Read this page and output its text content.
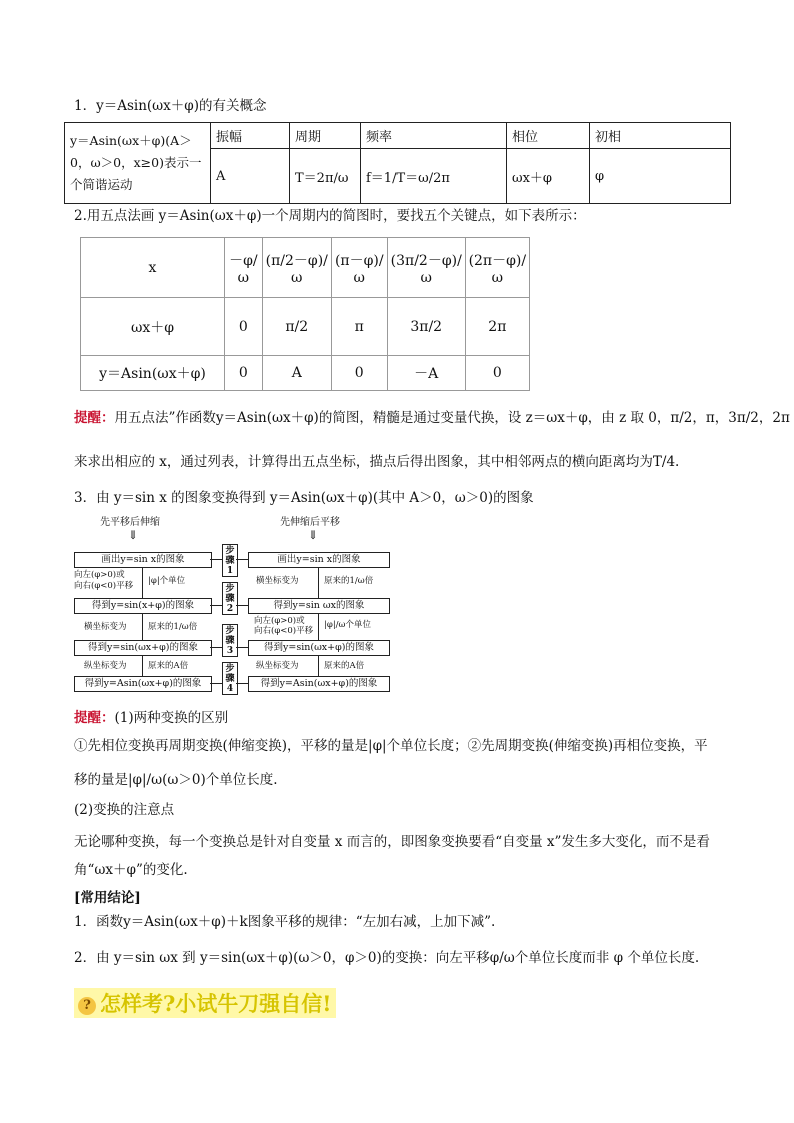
1．y＝Asin(ωx＋φ)的有关概念
y＝Asin(ωx＋φ)(A＞0，ω＞0，x≥0)表示一个简谐运动	振幅	周期	频率	相位	初相
	A	T＝2π/ω	f＝1/T＝ω/2π	ωx＋φ	φ
2.用五点法画 y＝Asin(ωx＋φ)一个周期内的简图时，要找五个关键点，如下表所示：
x	－φ/ω	(π/2－φ)/ω	(π－φ)/ω	(3π/2－φ)/ω	(2π－φ)/ω
ωx＋φ	0	π/2	π	3π/2	2π
y＝Asin(ωx＋φ)	0	A	0	－A	0
提醒：用五点法”作函数y＝Asin(ωx＋φ)的简图，精髓是通过变量代换，设 z＝ωx＋φ，由 z 取 0，π/2，π，3π/2，2π
来求出相应的 x，通过列表，计算得出五点坐标，描点后得出图象，其中相邻两点的横向距离均为T/4.
3．由 y＝sin x 的图象变换得到 y＝Asin(ωx＋φ)(其中 A＞0，ω＞0)的图象
先平移后伸缩	先伸缩后平移
⇓	⇓
画出y=sin x的图象
得到y=sin(x+φ)的图象
得到y=sin(ωx+φ)的图象
得到y=Asin(ωx+φ)的图象
画出y=sin x的图象
得到y=sin ωx的图象
得到y=sin(ωx+φ)的图象
得到y=Asin(ωx+φ)的图象
步骤1
步骤2
步骤3
步骤4
向左(φ>0)或
向右(φ<0)平移 |φ|个单位
横坐标变为	原来的1/ω倍
纵坐标变为	原来的A倍
横坐标变为	原来的1/ω倍
向左(φ>0)或
向右(φ<0)平移
|φ|/ω个单位
纵坐标变为	原来的A倍
提醒：(1)两种变换的区别
①先相位变换再周期变换(伸缩变换)，平移的量是|φ|个单位长度；②先周期变换(伸缩变换)再相位变换，平
移的量是|φ|/ω(ω＞0)个单位长度.
(2)变换的注意点
无论哪种变换，每一个变换总是针对自变量 x 而言的，即图象变换要看“自变量 x”发生多大变化，而不是看
角“ωx＋φ”的变化.
[常用结论]
1．函数y＝Asin(ωx＋φ)＋k图象平移的规律：“左加右减，上加下减”.
2．由 y＝sin ωx 到 y＝sin(ωx＋φ)(ω＞0，φ＞0)的变换：向左平移φ/ω个单位长度而非 φ 个单位长度.
? 怎样考?小试牛刀强自信!
